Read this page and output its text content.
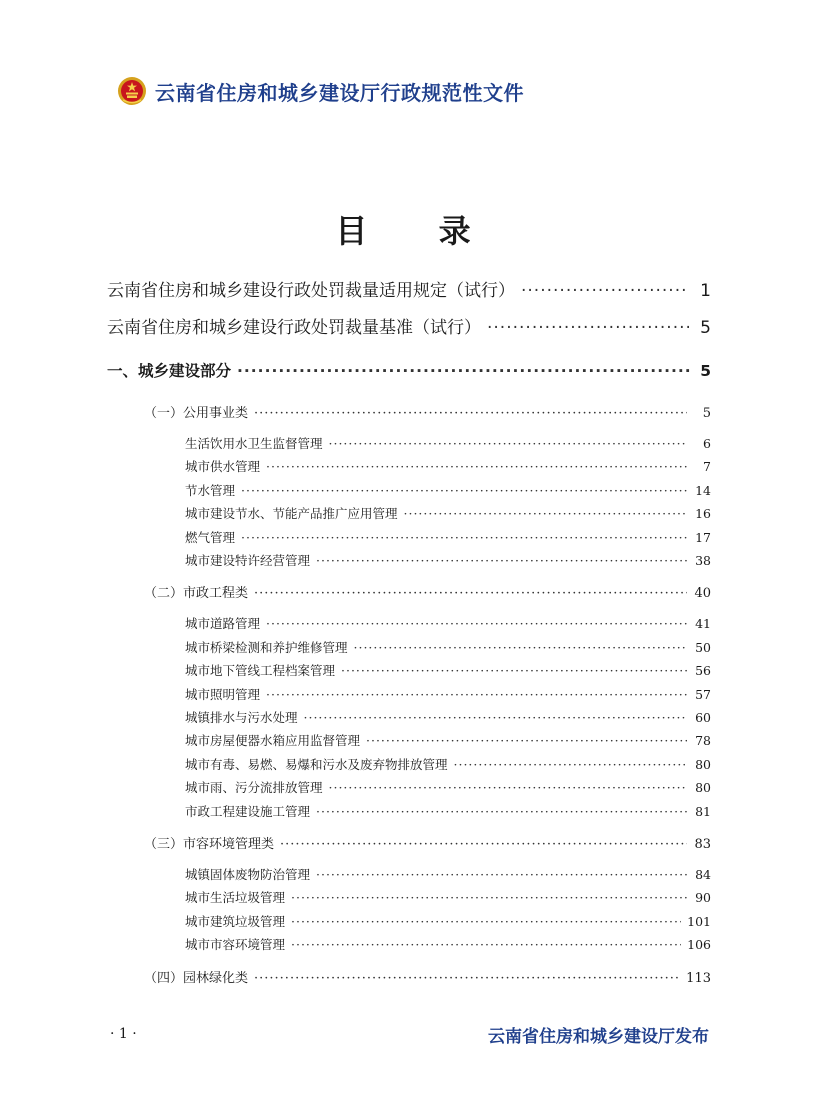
云南省住房和城乡建设厅行政规范性文件
目 录
云南省住房和城乡建设行政处罚裁量适用规定（试行） ·····	1
云南省住房和城乡建设行政处罚裁量基准（试行） ·····	5
一、城乡建设部分 ·····	5
（一）公用事业类 ·····	5
生活饮用水卫生监督管理 ·····	6
城市供水管理 ·····	7
节水管理 ·····	14
城市建设节水、节能产品推广应用管理 ·····	16
燃气管理 ·····	17
城市建设特许经营管理 ·····	38
（二）市政工程类 ·····	40
城市道路管理 ·····	41
城市桥梁检测和养护维修管理 ·····	50
城市地下管线工程档案管理 ·····	56
城市照明管理 ·····	57
城镇排水与污水处理 ·····	60
城市房屋便器水箱应用监督管理 ·····	78
城市有毒、易燃、易爆和污水及废弃物排放管理 ·····	80
城市雨、污分流排放管理 ·····	80
市政工程建设施工管理 ·····	81
（三）市容环境管理类 ·····	83
城镇固体废物防治管理 ·····	84
城市生活垃圾管理 ·····	90
城市建筑垃圾管理 ·····	101
城市市容环境管理 ·····	106
（四）园林绿化类 ·····	113
· 1 ·	云南省住房和城乡建设厅发布
